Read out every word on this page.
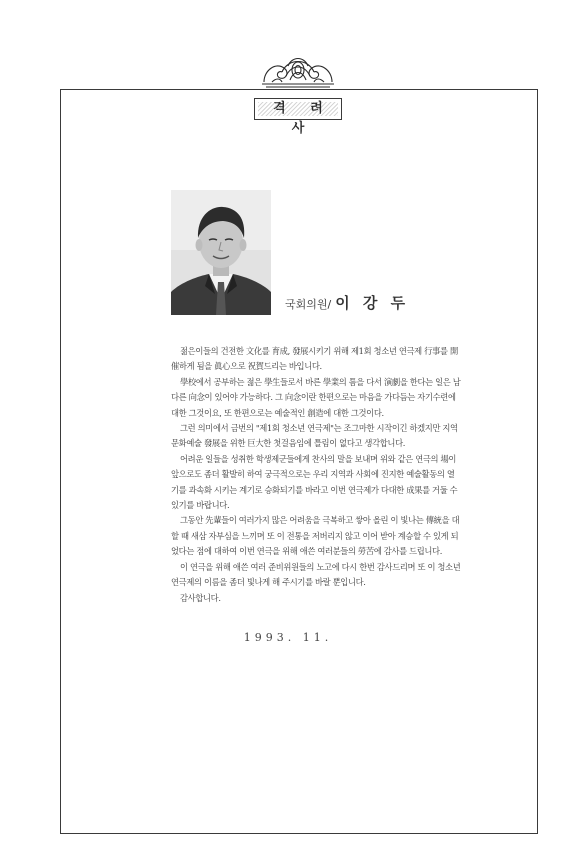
격 려 사
국회의원/ 이 강 두

젊은이들의 건전한 文化를 育成, 發展시키기 위해 제1회 청소년 연극제 行事를 開催하게 됨을 眞心으로 祝賀드리는 바입니다.

學校에서 공부하는 젊은 學生들로서 바른 學業의 틈을 다서 演劇을 한다는 일은 남다른 向念이 있어야 가능하다. 그 向念이란 한편으로는 마음을 가다듬는 자기수련에 대한 그것이요, 또 한편으로는 예술적인 創造에 대한 그것이다.

그런 의미에서 금번의 "제1회 청소년 연극제"는 조그마한 시작이긴 하겠지만 지역문화예술 發展을 위한 巨大한 첫걸음임에 틀림이 없다고 생각합니다.

어려운 일들을 성취한 학생제군들에게 찬사의 말을 보내며 위와 같은 연극의 場이 앞으로도 좀더 활발히 하여 궁극적으로는 우리 지역과 사회에 진지한 예술활동의 열기를 과속화 시키는 계기로 승화되기를 바라고 이번 연극제가 다대한 成果를 거둘 수 있기를 바랍니다.

그동안 先輩들이 여러가지 많은 어려움을 극복하고 쌓아 올린 이 빛나는 傳統을 대할 때 새삼 자부심을 느끼며 또 이 전통을 저버리지 않고 이어 받아 계승할 수 있게 되었다는 점에 대하여 이번 연극을 위해 애쓴 여러분들의 勞苦에 감사를 드립니다.

이 연극을 위해 애쓴 여러 준비위원들의 노고에 다시 한번 감사드리며 또 이 청소년 연극제의 이름을 좀더 빛나게 해 주시기를 바랄 뿐입니다.

감사합니다.

1993. 11.
